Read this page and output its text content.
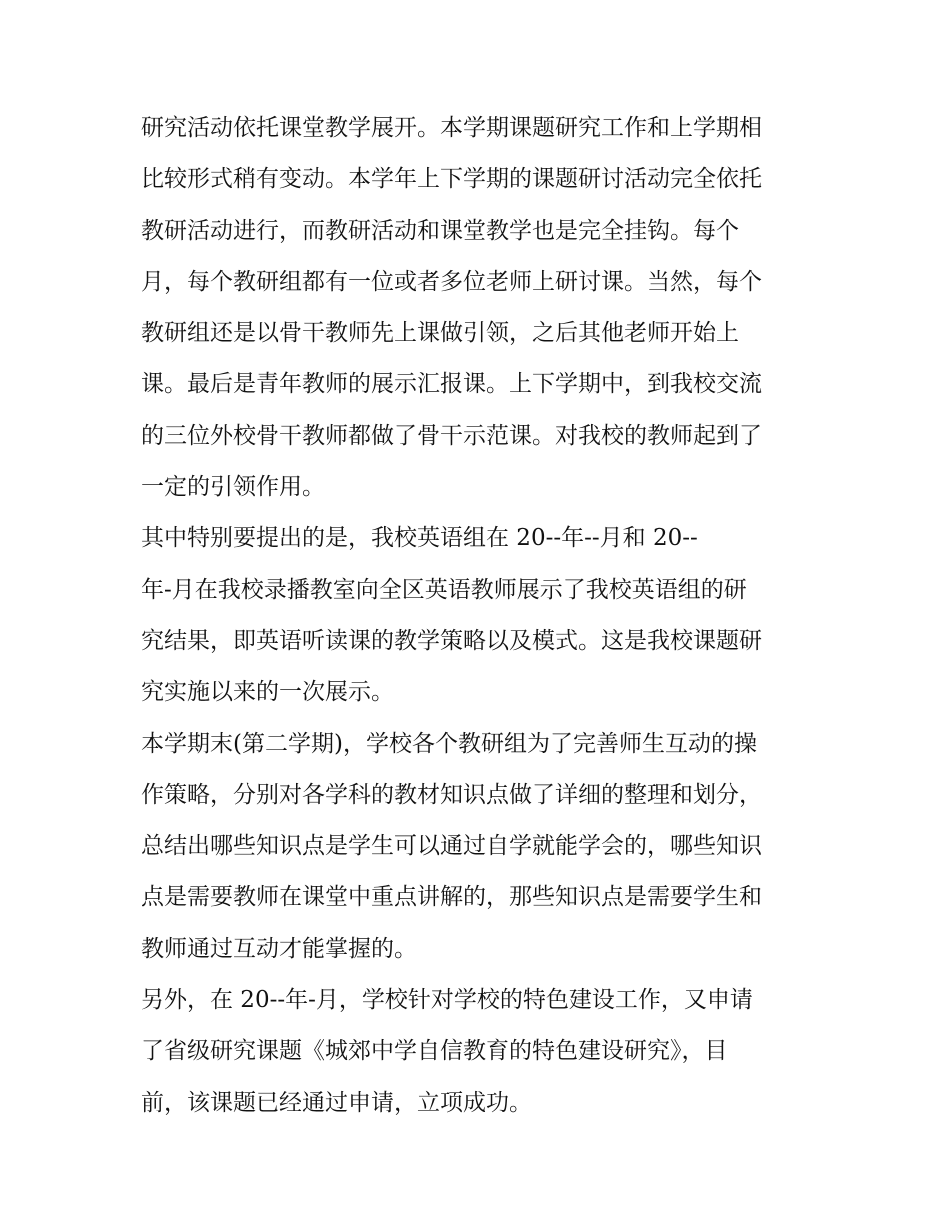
研究活动依托课堂教学展开。本学期课题研究工作和上学期相
比较形式稍有变动。本学年上下学期的课题研讨活动完全依托
教研活动进行，而教研活动和课堂教学也是完全挂钩。每个
月，每个教研组都有一位或者多位老师上研讨课。当然，每个
教研组还是以骨干教师先上课做引领，之后其他老师开始上
课。最后是青年教师的展示汇报课。上下学期中，到我校交流
的三位外校骨干教师都做了骨干示范课。对我校的教师起到了
一定的引领作用。
其中特别要提出的是，我校英语组在 20--年--月和 20--
年-月在我校录播教室向全区英语教师展示了我校英语组的研
究结果，即英语听读课的教学策略以及模式。这是我校课题研
究实施以来的一次展示。
本学期末(第二学期)，学校各个教研组为了完善师生互动的操
作策略，分别对各学科的教材知识点做了详细的整理和划分，
总结出哪些知识点是学生可以通过自学就能学会的，哪些知识
点是需要教师在课堂中重点讲解的，那些知识点是需要学生和
教师通过互动才能掌握的。
另外，在 20--年-月，学校针对学校的特色建设工作，又申请
了省级研究课题《城郊中学自信教育的特色建设研究》，目
前，该课题已经通过申请，立项成功。
